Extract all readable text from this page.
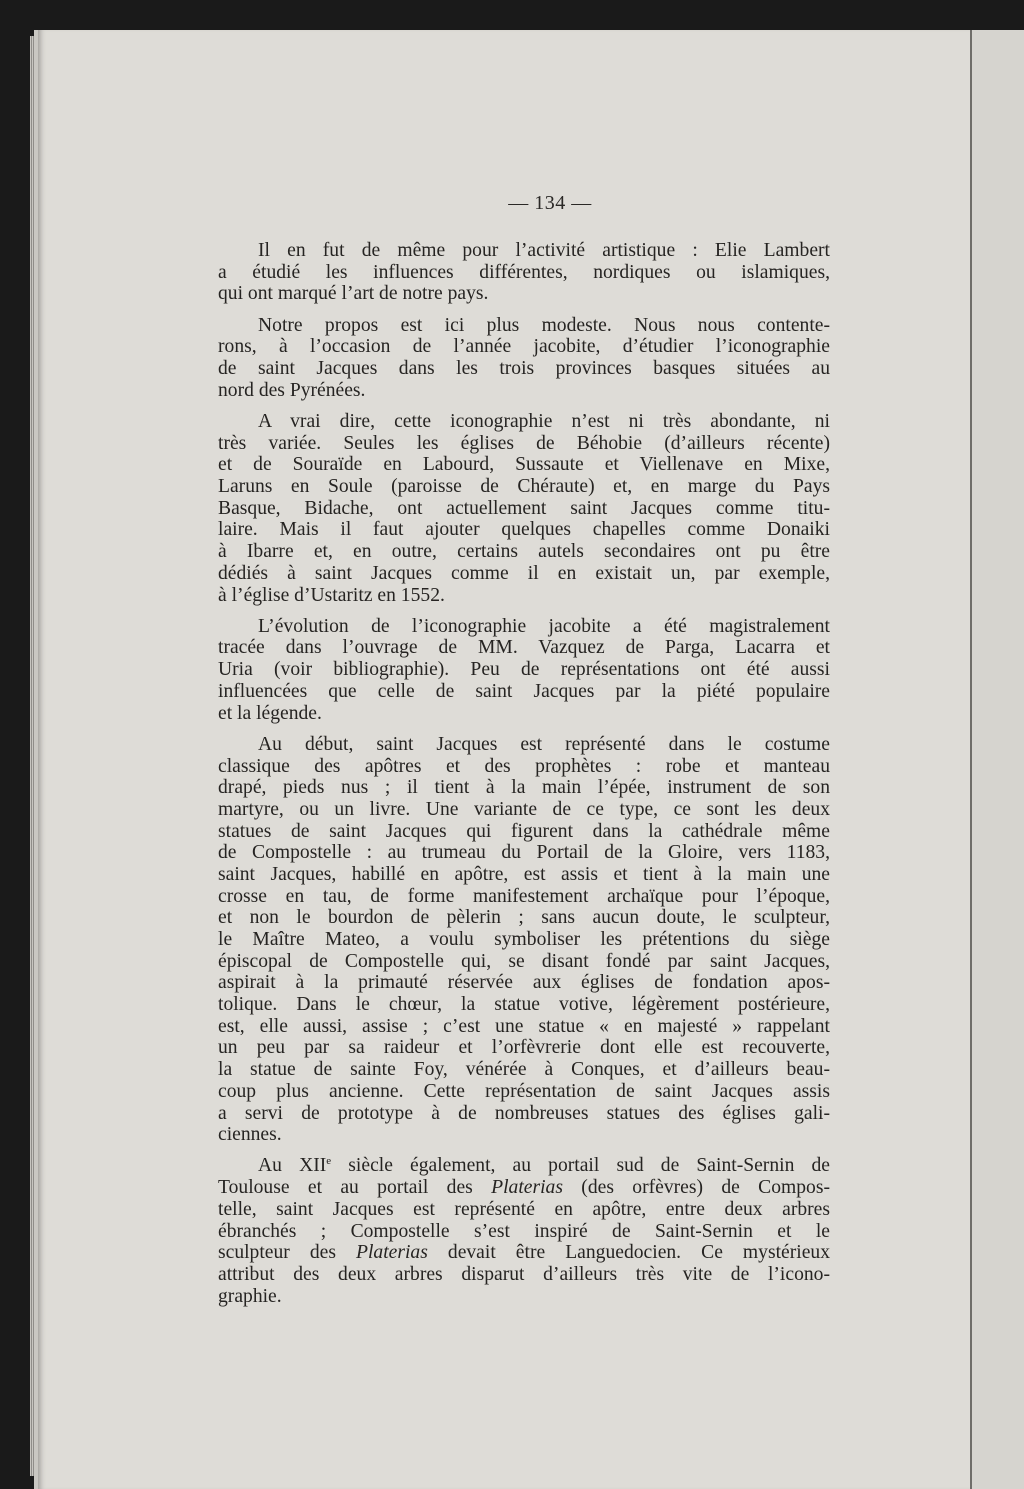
— 134 —
Il en fut de même pour l’activité artistique : Elie Lambert
a étudié les influences différentes, nordiques ou islamiques,
qui ont marqué l’art de notre pays.
Notre propos est ici plus modeste. Nous nous contente-
rons, à l’occasion de l’année jacobite, d’étudier l’iconographie
de saint Jacques dans les trois provinces basques situées au
nord des Pyrénées.
A vrai dire, cette iconographie n’est ni très abondante, ni
très variée. Seules les églises de Béhobie (d’ailleurs récente)
et de Souraïde en Labourd, Sussaute et Viellenave en Mixe,
Laruns en Soule (paroisse de Chéraute) et, en marge du Pays
Basque, Bidache, ont actuellement saint Jacques comme titu-
laire. Mais il faut ajouter quelques chapelles comme Donaiki
à Ibarre et, en outre, certains autels secondaires ont pu être
dédiés à saint Jacques comme il en existait un, par exemple,
à l’église d’Ustaritz en 1552.
L’évolution de l’iconographie jacobite a été magistralement
tracée dans l’ouvrage de MM. Vazquez de Parga, Lacarra et
Uria (voir bibliographie). Peu de représentations ont été aussi
influencées que celle de saint Jacques par la piété populaire
et la légende.
Au début, saint Jacques est représenté dans le costume
classique des apôtres et des prophètes : robe et manteau
drapé, pieds nus ; il tient à la main l’épée, instrument de son
martyre, ou un livre. Une variante de ce type, ce sont les deux
statues de saint Jacques qui figurent dans la cathédrale même
de Compostelle : au trumeau du Portail de la Gloire, vers 1183,
saint Jacques, habillé en apôtre, est assis et tient à la main une
crosse en tau, de forme manifestement archaïque pour l’époque,
et non le bourdon de pèlerin ; sans aucun doute, le sculpteur,
le Maître Mateo, a voulu symboliser les prétentions du siège
épiscopal de Compostelle qui, se disant fondé par saint Jacques,
aspirait à la primauté réservée aux églises de fondation apos-
tolique. Dans le chœur, la statue votive, légèrement postérieure,
est, elle aussi, assise ; c’est une statue « en majesté » rappelant
un peu par sa raideur et l’orfèvrerie dont elle est recouverte,
la statue de sainte Foy, vénérée à Conques, et d’ailleurs beau-
coup plus ancienne. Cette représentation de saint Jacques assis
a servi de prototype à de nombreuses statues des églises gali-
ciennes.
Au XIIe siècle également, au portail sud de Saint-Sernin de
Toulouse et au portail des Platerias (des orfèvres) de Compos-
telle, saint Jacques est représenté en apôtre, entre deux arbres
ébranchés ; Compostelle s’est inspiré de Saint-Sernin et le
sculpteur des Platerias devait être Languedocien. Ce mystérieux
attribut des deux arbres disparut d’ailleurs très vite de l’icono-
graphie.
